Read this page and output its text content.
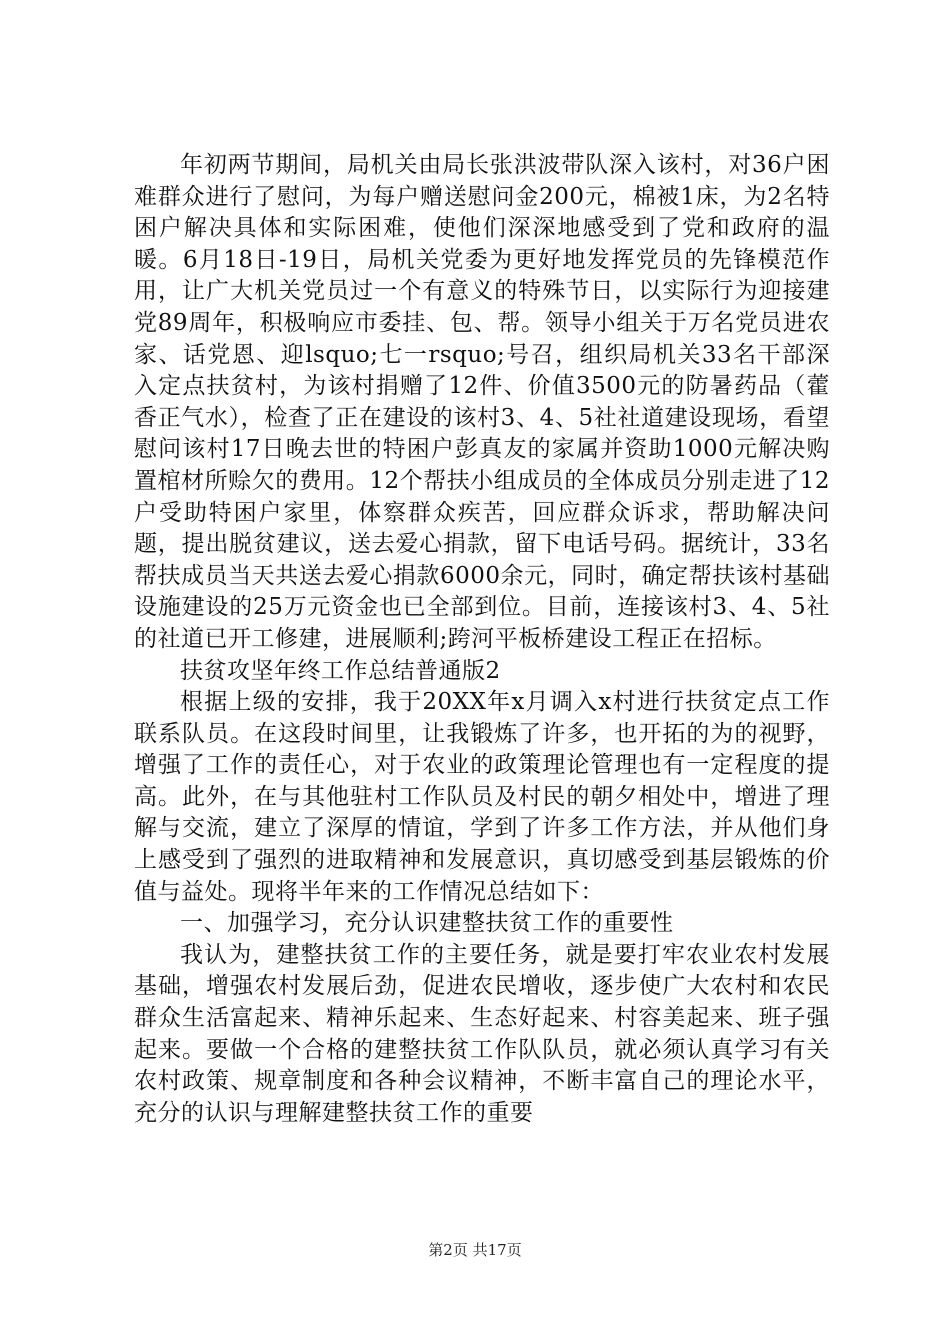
年初两节期间，局机关由局长张洪波带队深入该村，对36户困难群众进行了慰问，为每户赠送慰问金200元，棉被1床，为2名特困户解决具体和实际困难，使他们深深地感受到了党和政府的温暖。6月18日-19日，局机关党委为更好地发挥党员的先锋模范作用，让广大机关党员过一个有意义的特殊节日，以实际行为迎接建党89周年，积极响应市委挂、包、帮。领导小组关于万名党员进农家、话党恩、迎lsquo;七一rsquo;号召，组织局机关33名干部深入定点扶贫村，为该村捐赠了12件、价值3500元的防暑药品（藿香正气水），检查了正在建设的该村3、4、5社社道建设现场，看望慰问该村17日晚去世的特困户彭真友的家属并资助1000元解决购置棺材所赊欠的费用。12个帮扶小组成员的全体成员分别走进了12户受助特困户家里，体察群众疾苦，回应群众诉求，帮助解决问题，提出脱贫建议，送去爱心捐款，留下电话号码。据统计，33名帮扶成员当天共送去爱心捐款6000余元，同时，确定帮扶该村基础设施建设的25万元资金也已全部到位。目前，连接该村3、4、5社的社道已开工修建，进展顺利;跨河平板桥建设工程正在招标。

扶贫攻坚年终工作总结普通版2

根据上级的安排，我于20XX年x月调入x村进行扶贫定点工作联系队员。在这段时间里，让我锻炼了许多，也开拓的为的视野，增强了工作的责任心，对于农业的政策理论管理也有一定程度的提高。此外，在与其他驻村工作队员及村民的朝夕相处中，增进了理解与交流，建立了深厚的情谊，学到了许多工作方法，并从他们身上感受到了强烈的进取精神和发展意识，真切感受到基层锻炼的价值与益处。现将半年来的工作情况总结如下：

一、加强学习，充分认识建整扶贫工作的重要性

我认为，建整扶贫工作的主要任务，就是要打牢农业农村发展基础，增强农村发展后劲，促进农民增收，逐步使广大农村和农民群众生活富起来、精神乐起来、生态好起来、村容美起来、班子强起来。要做一个合格的建整扶贫工作队队员，就必须认真学习有关农村政策、规章制度和各种会议精神，不断丰富自己的理论水平，充分的认识与理解建整扶贫工作的重要

第2页 共17页
